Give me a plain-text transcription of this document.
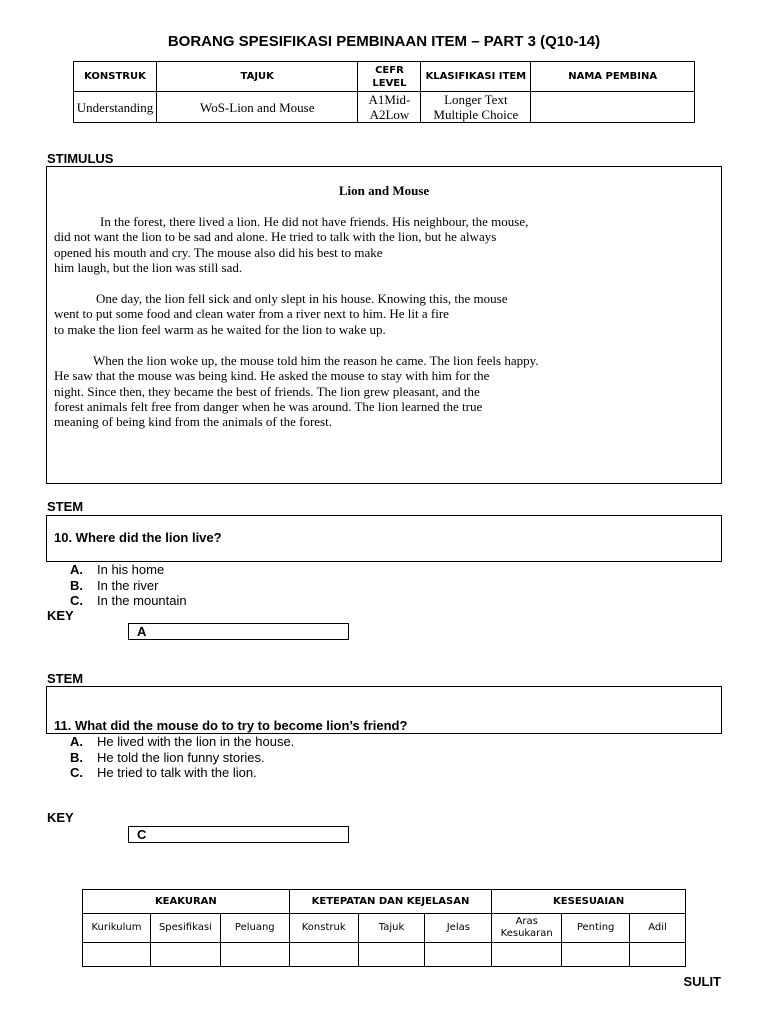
BORANG SPESIFIKASI PEMBINAAN ITEM – PART 3 (Q10-14)
KONSTRUK	TAJUK	CEFR LEVEL	KLASIFIKASI ITEM	NAMA PEMBINA
Understanding	WoS-Lion and Mouse	A1Mid-A2Low	Longer Text Multiple Choice	
STIMULUS
Lion and Mouse

In the forest, there lived a lion. He did not have friends. His neighbour, the mouse,
did not want the lion to be sad and alone. He tried to talk with the lion, but he always
opened his mouth and cry. The mouse also did his best to make
him laugh, but the lion was still sad.

One day, the lion fell sick and only slept in his house. Knowing this, the mouse
went to put some food and clean water from a river next to him. He lit a fire
to make the lion feel warm as he waited for the lion to wake up.

When the lion woke up, the mouse told him the reason he came. The lion feels happy.
He saw that the mouse was being kind. He asked the mouse to stay with him for the
night. Since then, they became the best of friends. The lion grew pleasant, and the
forest animals felt free from danger when he was around. The lion learned the true
meaning of being kind from the animals of the forest.

STEM
10. Where did the lion live?
A. In his home
B. In the river
C. In the mountain
KEY
A
STEM
11. What did the mouse do to try to become lion’s friend?
A. He lived with the lion in the house.
B. He told the lion funny stories.
C. He tried to talk with the lion.
KEY
C
KEAKURAN			KETEPATAN DAN KEJELASAN			KESESUAIAN		
Kurikulum	Spesifikasi	Peluang	Konstruk	Tajuk	Jelas	Aras Kesukaran	Penting	Adil

SULIT
